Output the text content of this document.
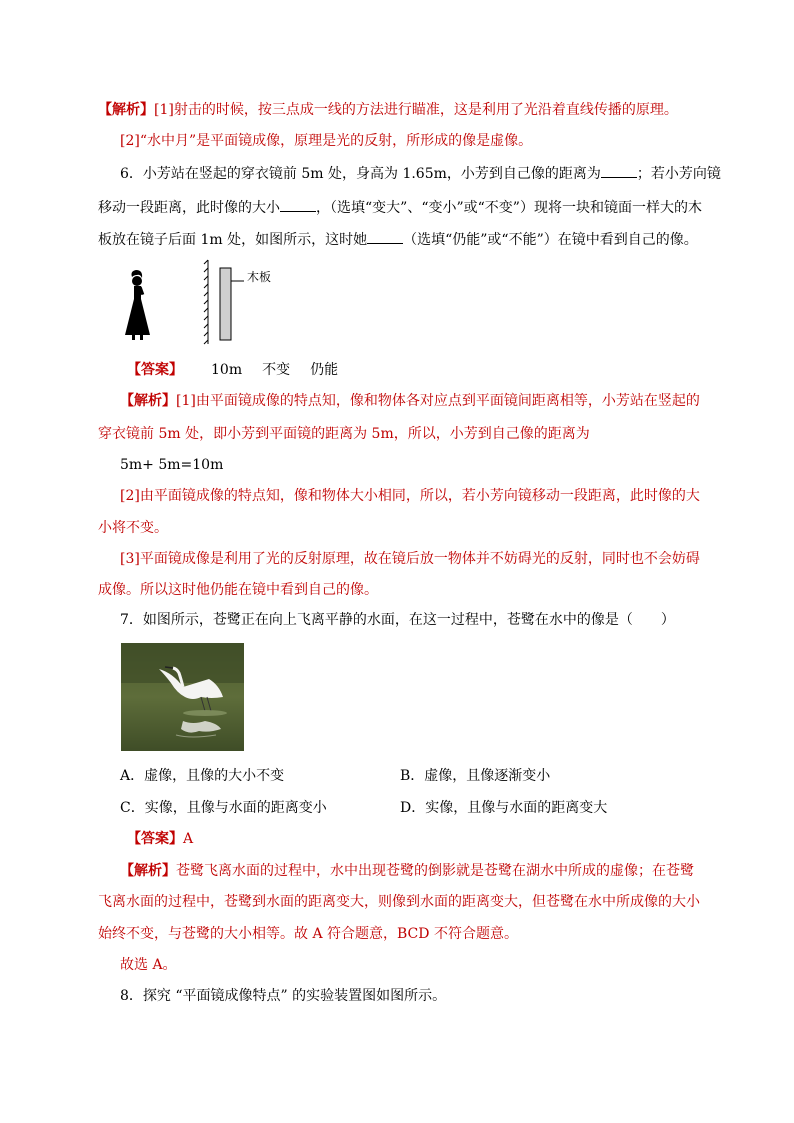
【解析】[1]射击的时候，按三点成一线的方法进行瞄准，这是利用了光沿着直线传播的原理。
[2]“水中月”是平面镜成像，原理是光的反射，所形成的像是虚像。
6．小芳站在竖起的穿衣镜前 5m 处，身高为 1.65m，小芳到自己像的距离为	；若小芳向镜
移动一段距离，此时像的大小	，（选填“变大”、“变小”或“不变”）现将一块和镜面一样大的木
板放在镜子后面 1m 处，如图所示，这时她	（选填“仍能”或“不能”）在镜中看到自己的像。
木板
【答案】 10m 不变 仍能
【解析】[1]由平面镜成像的特点知，像和物体各对应点到平面镜间距离相等，小芳站在竖起的
穿衣镜前 5m 处，即小芳到平面镜的距离为 5m，所以，小芳到自己像的距离为
5m+ 5m=10m
[2]由平面镜成像的特点知，像和物体大小相同，所以，若小芳向镜移动一段距离，此时像的大
小将不变。
[3]平面镜成像是利用了光的反射原理，故在镜后放一物体并不妨碍光的反射，同时也不会妨碍
成像。所以这时他仍能在镜中看到自己的像。
7．如图所示，苍鹭正在向上飞离平静的水面，在这一过程中，苍鹭在水中的像是（　　）
A．虚像，且像的大小不变	B．虚像，且像逐渐变小
C．实像，且像与水面的距离变小	D．实像，且像与水面的距离变大
【答案】A
【解析】苍鹭飞离水面的过程中，水中出现苍鹭的倒影就是苍鹭在湖水中所成的虚像；在苍鹭
飞离水面的过程中，苍鹭到水面的距离变大，则像到水面的距离变大，但苍鹭在水中所成像的大小
始终不变，与苍鹭的大小相等。故 A 符合题意，BCD 不符合题意。
故选 A。
8．探究 “平面镜成像特点” 的实验装置图如图所示。
